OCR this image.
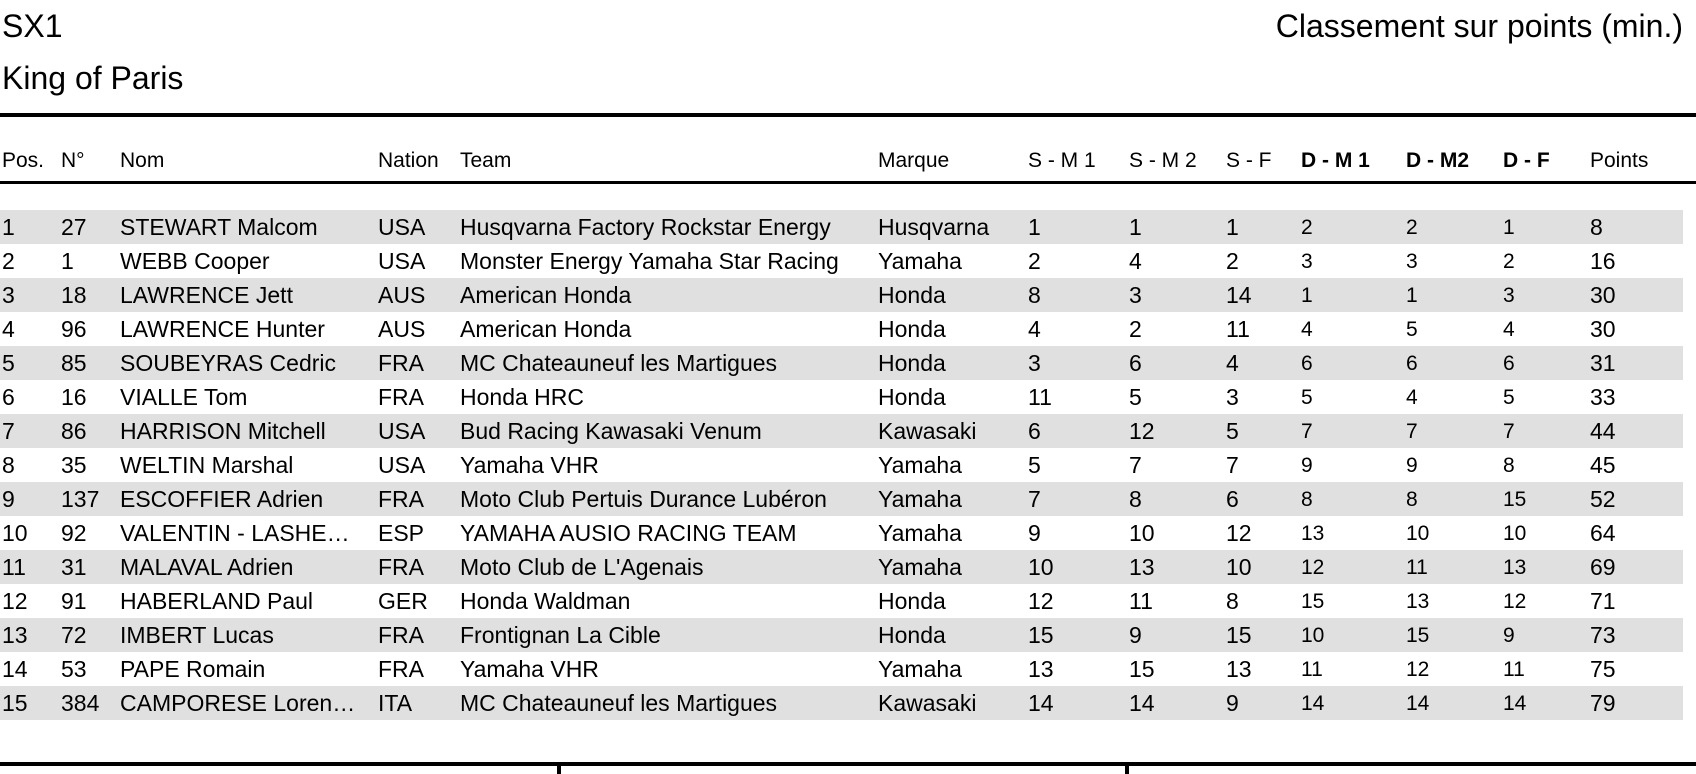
SX1	Classement sur points (min.)
King of Paris
Pos. N°	Nom	Nation	Team	Marque	S - M 1	S - M 2	S - F	D - M 1	D - M2	D - F	Points
1	27	STEWART Malcom	USA	Husqvarna Factory Rockstar Energy	Husqvarna	1	1	1	2	2	1	8
2	1	WEBB Cooper	USA	Monster Energy Yamaha Star Racing	Yamaha	2	4	2	3	3	2	16
3	18	LAWRENCE Jett	AUS	American Honda	Honda	8	3	14	1	1	3	30
4	96	LAWRENCE Hunter	AUS	American Honda	Honda	4	2	11	4	5	4	30
5	85	SOUBEYRAS Cedric	FRA	MC Chateauneuf les Martigues	Honda	3	6	4	6	6	6	31
6	16	VIALLE Tom	FRA	Honda HRC	Honda	11	5	3	5	4	5	33
7	86	HARRISON Mitchell	USA	Bud Racing Kawasaki Venum	Kawasaki	6	12	5	7	7	7	44
8	35	WELTIN Marshal	USA	Yamaha VHR	Yamaha	5	7	7	9	9	8	45
9	137 ESCOFFIER Adrien	FRA	Moto Club Pertuis Durance Lubéron	Yamaha	7	8	6	8	8	15	52
10	92	VALENTIN - LASHE…	ESP	YAMAHA AUSIO RACING TEAM	Yamaha	9	10	12	13	10	10	64
11	31	MALAVAL Adrien	FRA	Moto Club de L'Agenais	Yamaha	10	13	10	12	11	13	69
12	91	HABERLAND Paul	GER	Honda Waldman	Honda	12	11	8	15	13	12	71
13	72	IMBERT Lucas	FRA	Frontignan La Cible	Honda	15	9	15	10	15	9	73
14	53	PAPE Romain	FRA	Yamaha VHR	Yamaha	13	15	13	11	12	11	75
15	384 CAMPORESE Loren… ITA	MC Chateauneuf les Martigues	Kawasaki	14	14	9	14	14	14	79
